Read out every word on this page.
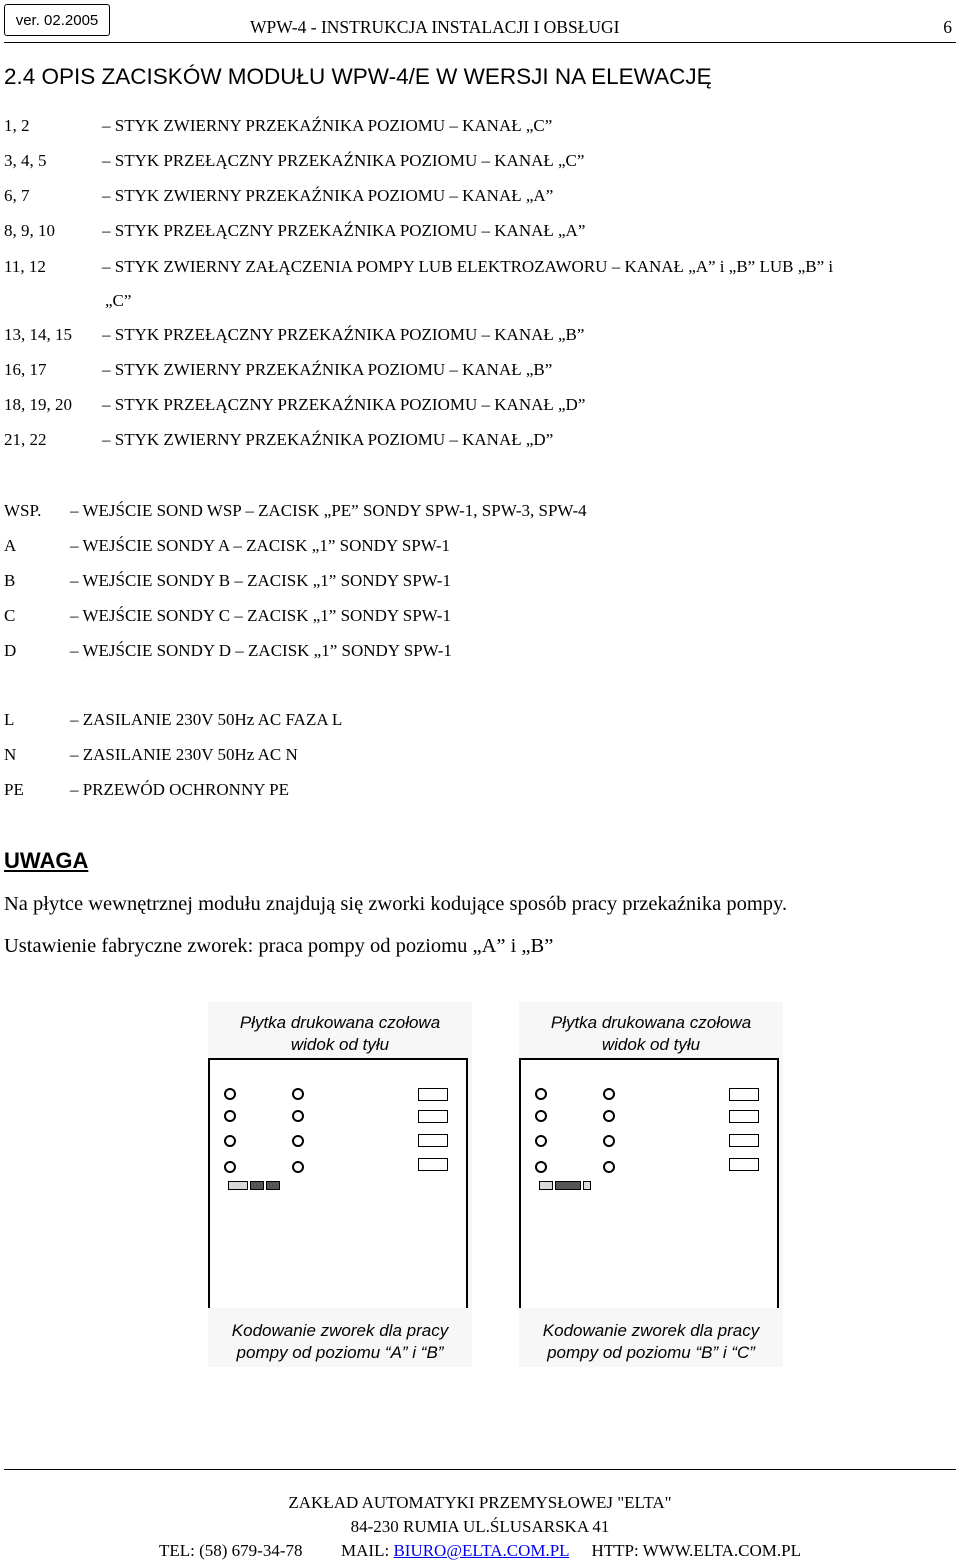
ver. 02.2005	WPW-4 - INSTRUKCJA INSTALACJI I OBSŁUGI	6
2.4 OPIS ZACISKÓW MODUŁU WPW-4/E W WERSJI NA ELEWACJĘ
1, 2	– STYK ZWIERNY PRZEKAŹNIKA POZIOMU – KANAŁ „C”
3, 4, 5	– STYK PRZEŁĄCZNY PRZEKAŹNIKA POZIOMU – KANAŁ „C”
6, 7	– STYK ZWIERNY PRZEKAŹNIKA POZIOMU – KANAŁ „A”
8, 9, 10	– STYK PRZEŁĄCZNY PRZEKAŹNIKA POZIOMU – KANAŁ „A”
11, 12	– STYK ZWIERNY ZAŁĄCZENIA POMPY LUB ELEKTROZAWORU – KANAŁ „A” i „B” LUB „B” i
„C”
13, 14, 15 – STYK PRZEŁĄCZNY PRZEKAŹNIKA POZIOMU – KANAŁ „B”
16, 17	– STYK ZWIERNY PRZEKAŹNIKA POZIOMU – KANAŁ „B”
18, 19, 20 – STYK PRZEŁĄCZNY PRZEKAŹNIKA POZIOMU – KANAŁ „D”
21, 22	– STYK ZWIERNY PRZEKAŹNIKA POZIOMU – KANAŁ „D”
WSP. – WEJŚCIE SOND WSP – ZACISK „PE” SONDY SPW-1, SPW-3, SPW-4
A	– WEJŚCIE SONDY A – ZACISK „1” SONDY SPW-1
B	– WEJŚCIE SONDY B – ZACISK „1” SONDY SPW-1
C	– WEJŚCIE SONDY C – ZACISK „1” SONDY SPW-1
D	– WEJŚCIE SONDY D – ZACISK „1” SONDY SPW-1
L	– ZASILANIE 230V 50Hz AC FAZA L
N	– ZASILANIE 230V 50Hz AC N
PE	– PRZEWÓD OCHRONNY PE
UWAGA
Na płytce wewnętrznej modułu znajdują się zworki kodujące sposób pracy przekaźnika pompy.
Ustawienie fabryczne zworek: praca pompy od poziomu „A” i „B”
Płytka drukowana czołowa
widok od tyłu
Kodowanie zworek dla pracy
pompy od poziomu “A” i “B”
Płytka drukowana czołowa
widok od tyłu
Kodowanie zworek dla pracy
pompy od poziomu “B” i “C”
ZAKŁAD AUTOMATYKI PRZEMYSŁOWEJ "ELTA"
84-230 RUMIA UL.ŚLUSARSKA 41
TEL: (58) 679-34-78 MAIL: BIURO@ELTA.COM.PL HTTP: WWW.ELTA.COM.PL
